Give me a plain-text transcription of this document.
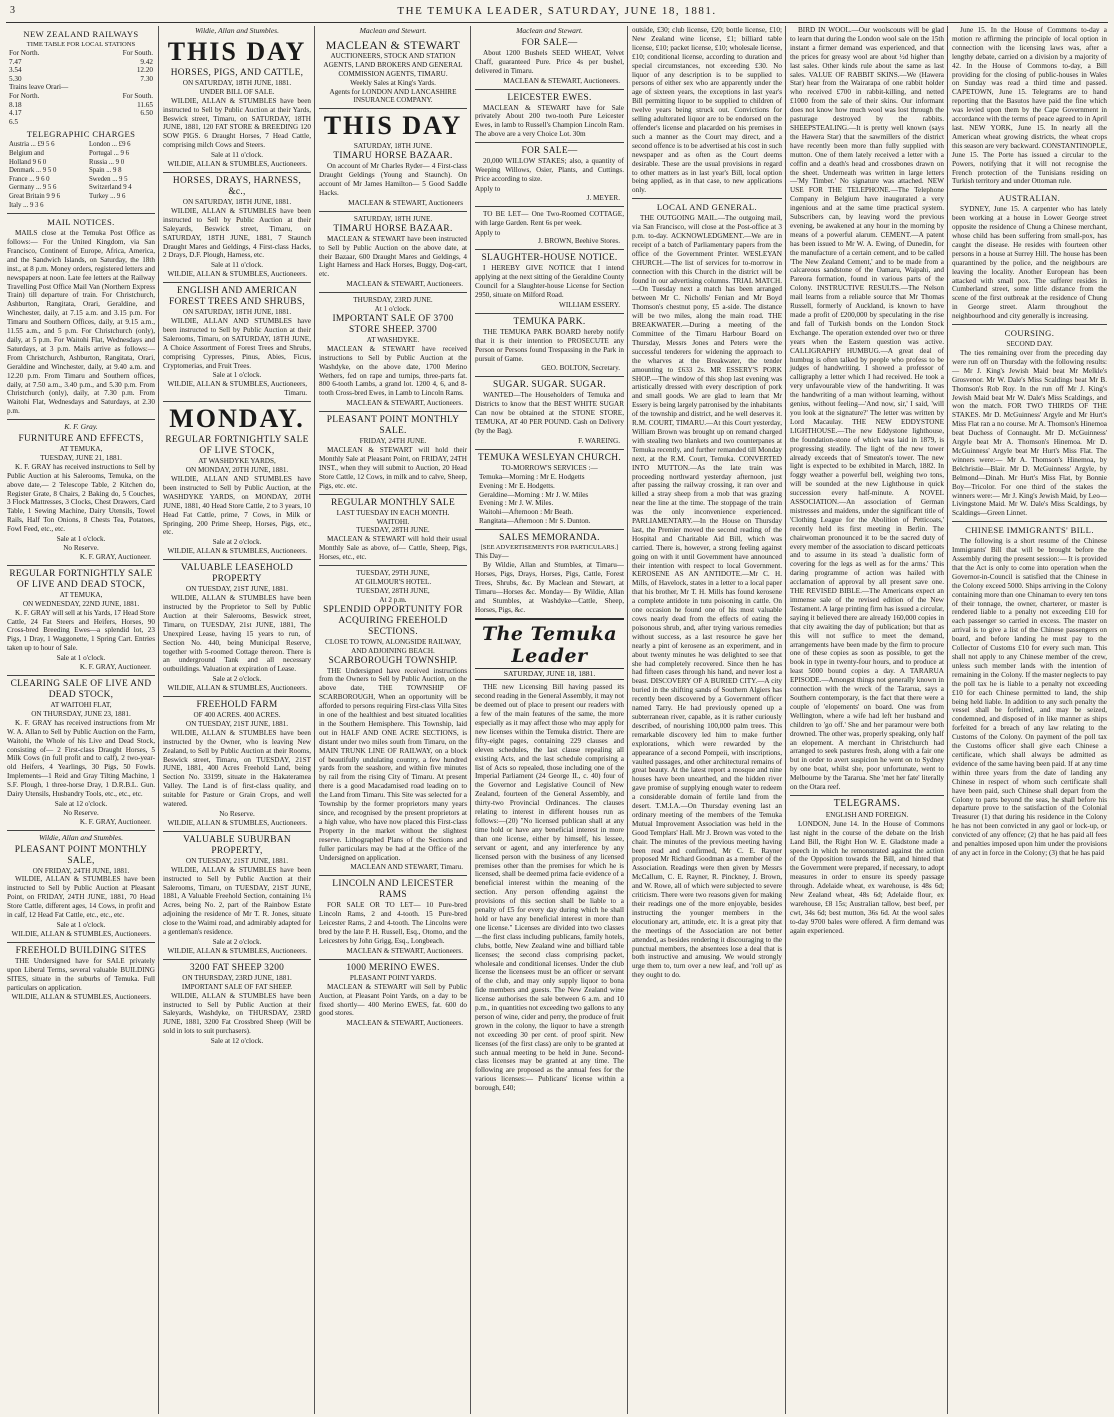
3	THE TEMUKA LEADER, SATURDAY, JUNE 18, 1881.
NEW ZEALAND RAILWAYS
TIME TABLE FOR LOCAL STATIONS
For North.	For South.
7.47	9.42
3.54	12.20
5.30	7.30
Trains leave Orari—	
For North.	For South.
8.18	11.65
4.17	6.50
6.5	
TELEGRAPHIC CHARGES
Austria ... £9 5 6	London ... £9 6
Belgium and	Portugal ... 9 6
Holland 9 6 0	Russia ... 9 0
Denmark ... 9 5 0	Spain ... 9 8
France ... 9 6 0	Sweden ... 9 5
Germany ... 9 5 6	Switzerland 9 4
Great Britain 9 9 6	Turkey ... 9 6
Italy ... 9 3 6	
MAIL NOTICES.

MAILS close at the Temuka Post Office as follows:— For the United Kingdom, via San Francisco, Continent of Europe, Africa, America, and the Sandwich Islands, on Saturday, the 18th inst., at 8 p.m. Money orders, registered letters and newspapers at noon. Late fee letters at the Railway Travelling Post Office Mail Van (Northern Express Train) till departure of train. For Christchurch, Ashburton, Rangitata, Orari, Geraldine, and Winchester, daily, at 7.15 a.m. and 3.15 p.m. For Timaru and Southern Offices, daily, at 9.15 a.m., 11.55 a.m., and 5 p.m. For Christchurch (only), daily, at 5 p.m. For Waitohi Flat, Wednesdays and Saturdays, at 3 p.m. Mails arrive as follows:— From Christchurch, Ashburton, Rangitata, Orari, Geraldine and Winchester, daily, at 9.40 a.m. and 12.20 p.m. From Timaru and Southern offices, daily, at 7.50 a.m., 3.40 p.m., and 5.30 p.m. From Christchurch (only), daily, at 7.30 p.m. From Waitohi Flat, Wednesdays and Saturdays, at 2.30 p.m.

K. F. Gray.
FURNITURE AND EFFECTS,
AT TEMUKA,
TUESDAY, JUNE 21, 1881.

K. F. GRAY has received instructions to Sell by Public Auction at his Salerooms, Temuka, on the above date,— 2 Telescope Table, 2 Kitchen do, Register Grate, 8 Chairs, 2 Baking do, 5 Couches, 3 Flock Mattresses, 3 Clocks, Chest Drawers, Card Table, 1 Sewing Machine, Dairy Utensils, Towel Rails, Half Ton Onions, 8 Chests Tea, Potatoes, Fowl Feed, etc., etc.

Sale at 1 o'clock.
No Reserve.
K. F. GRAY, Auctioneer.
REGULAR FORTNIGHTLY SALE OF LIVE AND DEAD STOCK,
AT TEMUKA,
ON WEDNESDAY, 22ND JUNE, 1881.

K. F. GRAY will sell at his Yards, 17 Head Store Cattle, 24 Fat Steers and Heifers, Horses, 90 Cross-bred Breeding Ewes—a splendid lot, 23 Pigs, 1 Dray, 1 Waggonette, 1 Spring Cart. Entries taken up to hour of Sale.

Sale at 1 o'clock.
K. F. GRAY, Auctioneer.
CLEARING SALE OF LIVE AND DEAD STOCK,
AT WAITOHI FLAT,
ON THURSDAY, JUNE 23, 1881.

K. F. GRAY has received instructions from Mr W. A. Allan to Sell by Public Auction on the Farm, Waitohi, the Whole of his Live and Dead Stock, consisting of— 2 First-class Draught Horses, 5 Milk Cows (in full profit and to calf), 2 two-year-old Heifers, 4 Yearlings, 30 Pigs, 50 Fowls. Implements—1 Reid and Gray Tilting Machine, 1 S.F. Plough, 1 three-horse Dray, 1 D.R.B.L. Gun. Dairy Utensils, Husbandry Tools, etc., etc., etc.

Sale at 12 o'clock.
No Reserve.
K. F. GRAY, Auctioneer.
Wildie, Allan and Stumbles.
PLEASANT POINT MONTHLY SALE,
ON FRIDAY, 24TH JUNE, 1881.

WILDIE, ALLAN & STUMBLES have been instructed to Sell by Public Auction at Pleasant Point, on FRIDAY, 24TH JUNE, 1881, 70 Head Store Cattle, different ages, 14 Cows, in profit and in calf, 12 Head Fat Cattle, etc., etc., etc.

Sale at 1 o'clock.
WILDIE, ALLAN & STUMBLES, Auctioneers.
FREEHOLD BUILDING SITES

THE Undersigned have for SALE privately upon Liberal Terms, several valuable BUILDING SITES, situate in the suburbs of Temuka. Full particulars on application.

WILDIE, ALLAN & STUMBLES, Auctioneers.
Wildie, Allan and Stumbles.
THIS DAY
HORSES, PIGS, AND CATTLE,
ON SATURDAY, 18TH JUNE, 1881.
UNDER BILL OF SALE.

WILDIE, ALLAN & STUMBLES have been instructed to Sell by Public Auction at their Yards, Beswick street, Timaru, on SATURDAY, 18TH JUNE, 1881, 120 FAT STORE & BREEDING 120 SOW PIGS. 6 Draught Horses, 7 Head Cattle, comprising milch Cows and Steers.

Sale at 11 o'clock.
WILDIE, ALLAN & STUMBLES, Auctioneers.
HORSES, DRAYS, HARNESS, &c.,
ON SATURDAY, 18TH JUNE, 1881.

WILDIE, ALLAN & STUMBLES have been instructed to Sell by Public Auction at their Saleyards, Beswick street, Timaru, on SATURDAY, 18TH JUNE, 1881, 7 Staunch Draught Mares and Geldings, 4 First-class Hacks, 2 Drays, D.F. Plough, Harness, etc.

Sale at 11 o'clock.
WILDIE, ALLAN & STUMBLES, Auctioneers.
ENGLISH AND AMERICAN FOREST TREES AND SHRUBS,
ON SATURDAY, 18TH JUNE, 1881.

WILDIE, ALLAN AND STUMBLES have been instructed to Sell by Public Auction at their Salerooms, Timaru, on SATURDAY, 18TH JUNE, A Choice Assortment of Forest Trees and Shrubs, comprising Cypresses, Pinus, Abies, Ficus, Cryptomerias, and Fruit Trees.

Sale at 1 o'clock.
WILDIE, ALLAN & STUMBLES, Auctioneers, Timaru.
MONDAY.
REGULAR FORTNIGHTLY SALE OF LIVE STOCK,
AT WASHDYKE YARDS,
ON MONDAY, 20TH JUNE, 1881.

WILDIE, ALLAN AND STUMBLES have been instructed to Sell by Public Auction, at the WASHDYKE YARDS, on MONDAY, 20TH JUNE, 1881, 40 Head Store Cattle, 2 to 3 years, 10 Head Fat Cattle, prime, 7 Cows, in Milk or Springing, 200 Prime Sheep, Horses, Pigs, etc., etc.

Sale at 2 o'clock.
WILDIE, ALLAN & STUMBLES, Auctioneers.
VALUABLE LEASEHOLD PROPERTY
ON TUESDAY, 21ST JUNE, 1881.

WILDIE, ALLAN & STUMBLES have been instructed by the Proprietor to Sell by Public Auction at their Salerooms, Beswick street, Timaru, on TUESDAY, 21st JUNE, 1881, The Unexpired Lease, having 15 years to run, of Section No. 440, being Municipal Reserve, together with 5-roomed Cottage thereon. There is an underground Tank and all necessary outbuildings. Valuation at expiration of Lease.

Sale at 2 o'clock.
WILDIE, ALLAN & STUMBLES, Auctioneers.
FREEHOLD FARM
OF 400 ACRES. 400 ACRES.
ON TUESDAY, 21ST JUNE, 1881.

WILDIE, ALLAN & STUMBLES have been instructed by the Owner, who is leaving New Zealand, to Sell by Public Auction at their Rooms, Beswick street, Timaru, on TUESDAY, 21ST JUNE, 1881, 400 Acres Freehold Land, being Section No. 33199, situate in the Hakateramea Valley. The Land is of first-class quality, and suitable for Pasture or Grain Crops, and well watered.

No Reserve.
WILDIE, ALLAN & STUMBLES, Auctioneers.
VALUABLE SUBURBAN PROPERTY,
ON TUESDAY, 21ST JUNE, 1881.

WILDIE, ALLAN & STUMBLES have been instructed to Sell by Public Auction at their Salerooms, Timaru, on TUESDAY, 21ST JUNE, 1881, A Valuable Freehold Section, containing 1¼ Acres, being No. 2, part of the Rainbow Estate adjoining the residence of Mr T. R. Jones, situate close to the Waimi road, and admirably adapted for a gentleman's residence.

Sale at 2 o'clock.
WILDIE, ALLAN & STUMBLES, Auctioneers.
3200 FAT SHEEP 3200
ON THURSDAY, 23RD JUNE, 1881.
IMPORTANT SALE OF FAT SHEEP.

WILDIE, ALLAN & STUMBLES have been instructed to Sell by Public Auction at their Saleyards, Washdyke, on THURSDAY, 23RD JUNE, 1881, 3200 Fat Crossbred Sheep (Will be sold in lots to suit purchasers).

Sale at 12 o'clock.
Maclean and Stewart.
MACLEAN & STEWART
AUCTIONEERS, STOCK AND STATION AGENTS, LAND BROKERS AND GENERAL COMMISSION AGENTS, TIMARU.
Weekly Sales at King's Yards.
Agents for LONDON AND LANCASHIRE INSURANCE COMPANY.
THIS DAY
SATURDAY, 18TH JUNE.
TIMARU HORSE BAZAAR.

On account of Mr Charles Ryder— 4 First-class Draught Geldings (Young and Staunch). On account of Mr James Hamilton— 5 Good Saddle Hacks.

MACLEAN & STEWART, Auctioneers
SATURDAY, 18TH JUNE.
TIMARU HORSE BAZAAR.

MACLEAN & STEWART have been instructed to Sell by Public Auction on the above date, at their Bazaar, 600 Draught Mares and Geldings, 4 Light Harness and Hack Horses, Buggy, Dog-cart, etc.

MACLEAN & STEWART, Auctioneers.
THURSDAY, 23RD JUNE.
At 1 o'clock.
IMPORTANT SALE OF 3700 STORE SHEEP. 3700
AT WASHDYKE.

MACLEAN & STEWART have received instructions to Sell by Public Auction at the Washdyke, on the above date, 1700 Merino Wethers, fed on rape and turnips, three-parts fat. 800 6-tooth Lambs, a grand lot. 1200 4, 6, and 8-tooth Cross-bred Ewes, in Lamb to Lincoln Rams.

MACLEAN & STEWART, Auctioneers.
PLEASANT POINT MONTHLY SALE.
FRIDAY, 24TH JUNE.

MACLEAN & STEWART will hold their Monthly Sale at Pleasant Point, on FRIDAY, 24TH INST., when they will submit to Auction, 20 Head Store Cattle, 12 Cows, in milk and to calve, Sheep, Pigs, etc. etc.

REGULAR MONTHLY SALE
LAST TUESDAY IN EACH MONTH.
WAITOHI.
TUESDAY, 28TH JUNE.

MACLEAN & STEWART will hold their usual Monthly Sale as above, of— Cattle, Sheep, Pigs, Horses, etc., etc.

TUESDAY, 29TH JUNE,
AT GILMOUR'S HOTEL.
TUESDAY, 28TH JUNE,
At 2 p.m.
SPLENDID OPPORTUNITY FOR ACQUIRING FREEHOLD SECTIONS.
CLOSE TO TOWN, ALONGSIDE RAILWAY, AND ADJOINING BEACH.
SCARBOROUGH TOWNSHIP.

THE Undersigned have received instructions from the Owners to Sell by Public Auction, on the above date, THE TOWNSHIP OF SCARBOROUGH, When an opportunity will be afforded to persons requiring First-class Villa Sites in one of the healthiest and best situated localities in the Southern Hemisphere. This Township, laid out in HALF AND ONE ACRE SECTIONS, is distant under two miles south from Timaru, on the MAIN TRUNK LINE OF RAILWAY, on a block of beautifully undulating country, a few hundred yards from the seashore, and within five minutes by rail from the rising City of Timaru. At present there is a good Macadamised road leading on to the Land from Timaru. This Site was selected for a Township by the former proprietors many years since, and recognised by the present proprietors at a high value, who have now placed this First-class Property in the market without the slightest reserve. Lithographed Plans of the Sections and fuller particulars may be had at the Office of the Undersigned on application.

MACLEAN AND STEWART, Timaru.
LINCOLN AND LEICESTER RAMS

FOR SALE OR TO LET— 10 Pure-bred Lincoln Rams, 2 and 4-tooth. 15 Pure-bred Leicester Rams, 2 and 4-tooth. The Lincolns were bred by the late P. H. Russell, Esq., Otomo, and the Leicesters by John Grigg, Esq., Longbeach.

MACLEAN & STEWART, Auctioneers.
1000 MERINO EWES.
PLEASANT POINT YARDS.

MACLEAN & STEWART will Sell by Public Auction, at Pleasant Point Yards, on a day to be fixed shortly— 400 Merino EWES, fat. 600 do good stores.

MACLEAN & STEWART, Auctioneers.
Maclean and Stewart.
FOR SALE—

About 1200 Bushels SEED WHEAT, Velvet Chaff, guaranteed Pure. Price 4s per bushel, delivered in Timaru.

MACLEAN & STEWART, Auctioneers.
LEICESTER EWES.

MACLEAN & STEWART have for Sale privately About 200 two-tooth Pure Leicester Ewes, in lamb to Russell's Champion Lincoln Ram. The above are a very Choice Lot. 30m

FOR SALE—

20,000 WILLOW STAKES; also, a quantity of Weeping Willows, Osier, Plants, and Cuttings. Price according to size.

Apply to
J. MEYER.

TO BE LET— One Two-Roomed COTTAGE, with large Garden. Rent 6s per week.

Apply to
J. BROWN, Beehive Stores.
SLAUGHTER-HOUSE NOTICE.

I HEREBY GIVE NOTICE that I intend applying at the next sitting of the Geraldine County Council for a Slaughter-house License for Section 2950, situate on Milford Road.

WILLIAM ESSERY.
TEMUKA PARK.

THE TEMUKA PARK BOARD hereby notify that it is their intention to PROSECUTE any Person or Persons found Trespassing in the Park in pursuit of Game.

GEO. BOLTON, Secretary.
SUGAR. SUGAR. SUGAR.

WANTED—The Householders of Temuka and Districts to know that the BEST WHITE SUGAR Can now be obtained at the STONE STORE, TEMUKA, AT 40 PER POUND. Cash on Delivery (by the Bag).

F. WAREING.
TEMUKA WESLEYAN CHURCH.
TO-MORROW'S SERVICES :—
Temuka—Morning : Mr E. Hodgetts
Evening : Mr E. Hodgetts.
Geraldine—Morning : Mr J. W. Miles
Evening : Mr J. W. Miles.
Waitohi—Afternoon : Mr Beath.
Rangitata—Afternoon : Mr S. Dunton.
SALES MEMORANDA.
[SEE ADVERTISEMENTS FOR PARTICULARS.]
This Day—

By Wildie, Allan and Stumbles, at Timaru—Horses, Pigs, Drays, Horses, Pigs, Cattle, Forest Trees, Shrubs, &c. By Maclean and Stewart, at Timaru—Horses &c. Monday— By Wildie, Allan and Stumbles, at Washdyke—Cattle, Sheep, Horses, Pigs, &c.

The Temuka Leader
SATURDAY, JUNE 18, 1881.

THE new Licensing Bill having passed its second reading in the General Assembly, it may not be deemed out of place to present our readers with a few of the main features of the same, the more especially as it may affect those who may apply for new licenses within the Temuka district. There are fifty-eight pages, containing 229 clauses and eleven schedules, the last clause repealing all existing Acts, and the last schedule comprising a list of Acts so repealed, those including one of the Imperial Parliament (24 George II., c. 40) four of the Governor and Legislative Council of New Zealand, fourteen of the General Assembly, and thirty-two Provincial Ordinances. The clauses relating to interest in different houses run as follows:—(20) "No licensed publican shall at any time hold or have any beneficial interest in more than one license, either by himself, his lessee, servant or agent, and any interference by any licensed person with the business of any licensed premises other than the premises for which he is licensed, shall be deemed prima facie evidence of a beneficial interest within the meaning of the section. Any person offending against the provisions of this section shall be liable to a penalty of £5 for every day during which he shall hold or have any beneficial interest in more than one license." Licenses are divided into two classes—the first class including publicans, family hotels, clubs, bottle, New Zealand wine and billiard table licenses; the second class comprising packet, wholesale and conditional licenses. Under the club license the licensees must be an officer or servant of the club, and may only supply liquor to bona fide members and guests. The New Zealand wine license authorises the sale between 6 a.m. and 10 p.m., in quantities not exceeding two gallons to any person of wine, cider and perry, the produce of fruit grown in the colony, the liquor to have a strength not exceeding 30 per cent. of proof spirit. New licenses (of the first class) are only to be granted at such annual meeting to be held in June. Second-class licenses may be granted at any time. The following are proposed as the annual fees for the various licenses:— Publicans' license within a borough, £40;

outside, £30; club license, £20; bottle license, £10; New Zealand wine license, £1; billiard table license, £10; packet license, £10; wholesale license, £10; conditional license, according to duration and special circumstances, not exceeding £30. No liquor of any description is to be supplied to persons of either sex who are apparently under the age of sixteen years, the exceptions in last year's Bill permitting liquor to be supplied to children of twelve years being struck out. Convictions for selling adulterated liquor are to be endorsed on the offender's license and placarded on his premises in such a manner as the Court may direct, and a second offence is to be advertised at his cost in such newspaper and as often as the Court deems desirable. These are the usual provisions in regard to other matters as in last year's Bill, local option being applied, as in that case, to new applications only.

LOCAL AND GENERAL.

THE OUTGOING MAIL.—The outgoing mail, via San Francisco, will close at the Post-office at 3 p.m. to-day. ACKNOWLEDGMENT.—We are in receipt of a batch of Parliamentary papers from the office of the Government Printer. WESLEYAN CHURCH.—The list of services for to-morrow in connection with this Church in the district will be found in our advertising columns. TRIAL MATCH.—On Tuesday next a match has been arranged between Mr C. Nicholls' Fenian and Mr Boyd Thomson's chestnut pony, £5 a-side. The distance will be two miles, along the main road. THE BREAKWATER.—During a meeting of the Committee of the Timaru Harbour Board on Thursday, Messrs Jones and Peters were the successful tenderers for widening the approach to the wharves at the Breakwater, the tender amounting to £633 2s. MR ESSERY'S PORK SHOP.—The window of this shop last evening was artistically dressed with every description of pork and small goods. We are glad to learn that Mr Essery is being largely patronised by the inhabitants of the township and district, and he well deserves it. R.M. COURT, TIMARU.—At this Court yesterday, William Brown was brought up on remand charged with stealing two blankets and two counterpanes at Temuka recently, and further remanded till Monday next, at the R.M. Court, Temuka. CONVERTED INTO MUTTON.—As the late train was proceeding northward yesterday afternoon, just after passing the railway crossing, it ran over and killed a stray sheep from a mob that was grazing near the line at the time. The stoppage of the train was the only inconvenience experienced. PARLIAMENTARY.—In the House on Thursday last, the Premier moved the second reading of the Hospital and Charitable Aid Bill, which was carried. There is, however, a strong feeling against going on with it until Government have announced their intention with respect to local Government. KEROSENE AS AN ANTIDOTE.—Mr C. H. Mills, of Havelock, states in a letter to a local paper that his brother, Mr T. H. Mills has found kerosene a complete antidote in tutu poisoning in cattle. On one occasion he found one of his most valuable cows nearly dead from the effects of eating the poisonous shrub, and, after trying various remedies without success, as a last resource he gave her nearly a pint of kerosene as an experiment, and in about twenty minutes he was delighted to see that she had completely recovered. Since then he has had fifteen cases through his hand, and never lost a beast. DISCOVERY OF A BURIED CITY.—A city buried in the shifting sands of Southern Algiers has recently been discovered by a Government officer named Tarry. He had previously opened up a subterranean river, capable, as it is rather curiously described, of nourishing 100,000 palm trees. This remarkable discovery led him to make further explorations, which were rewarded by the appearance of a second Pompeii, with inscriptions, vaulted passages, and other architectural remains of great beauty. At the latest report a mosque and nine houses have been unearthed, and the hidden river gave promise of supplying enough water to redeem a considerable domain of fertile land from the desert. T.M.I.A.—On Thursday evening last an ordinary meeting of the members of the Temuka Mutual Improvement Association was held in the Good Templars' Hall. Mr J. Brown was voted to the chair. The minutes of the previous meeting having been read and confirmed, Mr C. E. Rayner proposed Mr Richard Goodman as a member of the Association. Readings were then given by Messrs McCallum, C. E. Rayner, R. Pinckney, J. Brown, and W. Rowe, all of which were subjected to severe criticism. There were two reasons given for making their readings one of the more enjoyable, besides instructing the younger members in the elocutionary art, attitude, etc. It is a great pity that the meetings of the Association are not better attended, as besides rendering it discouraging to the punctual members, the absentees lose a deal that is both instructive and amusing. We would strongly urge them to, turn over a new leaf, and 'roll up' as they ought to do.

BIRD IN WOOL.—Our woolscouts will be glad to learn that during the London wool sale on the 15th instant a firmer demand was experienced, and that the prices for greasy wool are about ½d higher than last sales. Other kinds rule about the same as last sales. VALUE OF RABBIT SKINS.—We (Hawera Star) hear from the Wairarapa of one rabbit holder who received £700 in rabbit-killing, and netted £1000 from the sale of their skins. Our informant does not know how much wool was lost through the pasturage destroyed by the rabbits. SHEEPSTEALING.—It is pretty well known (says the Hawera Star) that the sawmillers of the district have recently been more than fully supplied with mutton. One of them lately received a letter with a coffin and a death's head and crossbones drawn on the sheet. Underneath was written in large letters—'My Timber.' No signature was attached. NEW USE FOR THE TELEPHONE.—The Telephone Company in Belgium have inaugurated a very ingenious and at the same time practical system. Subscribers can, by leaving word the previous evening, be awakened at any hour in the morning by means of a powerful alarum. CEMENT.—A patent has been issued to Mr W. A. Ewing, of Dunedin, for the manufacture of a certain cement, and to be called 'The New Zealand Cement,' and to be made from a calcareous sandstone of the Oamaru, Waipahi, and Pareora formation, found in various parts of the Colony. INSTRUCTIVE RESULTS.—The Nelson mail learns from a reliable source that Mr Thomas Russell, formerly of Auckland, is known to have made a profit of £200,000 by speculating in the rise and fall of Turkish bonds on the London Stock Exchange. The operation extended over two or three years when the Eastern question was active. CALLIGRAPHY HUMBUG.—A great deal of humbug is often talked by people who profess to be judges of handwriting. I showed a professor of calligraphy a letter which I had received. He took a very unfavourable view of the handwriting. It was the handwriting of a man without learning, without genius, without feeling—'And now, sir,' I said, 'will you look at the signature?' The letter was written by Lord Macaulay. THE NEW EDDYSTONE LIGHTHOUSE.—The new Eddystone lighthouse, the foundation-stone of which was laid in 1879, is progressing steadily. The light of the new tower already exceeds that of Smeaton's tower. The new light is expected to be exhibited in March, 1882. In foggy weather a powerful bell, weighing two tons, will be sounded at the new Lighthouse in quick succession every half-minute. A NOVEL ASSOCIATION.—An association of German mistresses and maidens, under the significant title of 'Clothing League for the Abolition of Petticoats,' recently held its first meeting in Berlin. The chairwoman pronounced it to be the sacred duty of every member of the association to discard petticoats and to assume in its stead 'a dualistic form of covering for the legs as well as for the arms.' This daring programme of action was hailed with acclamation of approval by all present save one. THE REVISED BIBLE.—The Americans expect an immense sale of the revised edition of the New Testament. A large printing firm has issued a circular, saying it believed there are already 160,000 copies in that city awaiting the day of publication; but that as this will not suffice to meet the demand, arrangements have been made by the firm to procure one of these copies as soon as possible, to get the book in type in twenty-four hours, and to produce at least 5000 bound copies a day. A TARARUA EPISODE.—Amongst things not generally known in connection with the wreck of the Tararua, says a Southern contemporary, is the fact that there were a couple of 'elopements' on board. One was from Wellington, where a wife had left her husband and children to 'go off.' She and her paramour were both drowned. The other was, properly speaking, only half an elopement. A merchant in Christchurch had arranged to seek pastures fresh, along with a fair one but in order to avert suspicion he went on to Sydney by one boat, whilst she, poor unfortunate, went to Melbourne by the Tararua. She 'met her fate' literally on the Otara reef.

TELEGRAMS.
ENGLISH AND FOREIGN.

LONDON, June 14. In the House of Commons last night in the course of the debate on the Irish Land Bill, the Right Hon W. E. Gladstone made a speech in which he remonstrated against the action of the Opposition towards the Bill, and hinted that the Government were prepared, if necessary, to adopt measures in order to ensure its speedy passage through. Adelaide wheat, ex warehouse, is 48s 6d; New Zealand wheat, 48s 6d; Adelaide flour, ex warehouse, £8 15s; Australian tallow, best beef, per cwt, 34s 6d; best mutton, 36s 6d. At the wool sales to-day 9700 bales were offered. A firm demand was again experienced.

June 15. In the House of Commons to-day a motion re affirming the principle of local option in connection with the licensing laws was, after a lengthy debate, carried on a division by a majority of 42. In the House of Commons to-day, a Bill providing for the closing of public-houses in Wales on Sunday was read a third time and passed. CAPETOWN, June 15. Telegrams are to hand reporting that the Basutos have paid the fine which was levied upon them by the Cape Government in accordance with the terms of peace agreed to in April last. NEW YORK, June 15. In nearly all the American wheat growing districts, the wheat crops this season are very backward. CONSTANTINOPLE, June 15. The Porte has issued a circular to the Powers, notifying that it will not recognise the French protection of the Tunisians residing on Turkish territory and under Ottoman rule.

AUSTRALIAN.

SYDNEY, June 15. A carpenter who has lately been working at a house in Lower George street opposite the residence of Chung a Chinese merchant, whose child has been suffering from small-pox, has caught the disease. He resides with fourteen other persons in a house at Surrey Hill. The house has been quarantined by the police, and the neighbours are leaving the locality. Another European has been attacked with small pox. The sufferer resides in Cumberland street, some little distance from the scene of the first outbreak at the residence of Chung in George street. Alarm throughout the neighbourhood and city generally is increasing.

COURSING.
SECOND DAY.

The ties remaining over from the preceding day were run off on Thursday with the following results:— Mr J. King's Jewish Maid beat Mr Melkle's Grosvenor. Mr W. Dale's Miss Scaldings beat Mr B. Thomson's Rob Roy. In the run off Mr J. King's Jewish Maid beat Mr W. Dale's Miss Scaldings, and won the match. FOR TWO THIRDS OF THE STAKES. Mr D. McGuinness' Argyle and Mr Hurt's Miss Flat ran a no course. Mr A. Thomson's Hinemoa beat Duchess of Connaught. Mr D. McGuinness' Argyle beat Mr A. Thomson's Hinemoa. Mr D. McGuinness' Argyle beat Mr Hurt's Miss Flat. The winners were:— Mr A. Thomson's Hinemoa, by Belchristie—Blair. Mr D. McGuinness' Argyle, by Belmond—Dinah. Mr Hurt's Miss Flat, by Bonnie Boy—Tricolor. For one third of the stakes the winners were:— Mr J. King's Jewish Maid, by Leo—Livingstone Maid. Mr W. Dale's Miss Scaldings, by Scaldings—Green Linnet.

CHINESE IMMIGRANTS' BILL.

The following is a short resume of the Chinese Immigrants' Bill that will be brought before the Assembly during the present session:— It is provided that the Act is only to come into operation when the Governor-in-Council is satisfied that the Chinese in the Colony exceed 5000. Ships arriving in the Colony containing more than one Chinaman to every ten tons of their tonnage, the owner, charterer, or master is rendered liable to a penalty not exceeding £10 for each passenger so carried in excess. The master on arrival is to give a list of the Chinese passengers on board, and before landing he must pay to the Collector of Customs £10 for every such man. This shall not apply to any Chinese member of the crew, unless such member lands with the intention of remaining in the Colony. If the master neglects to pay the poll tax he is liable to a penalty not exceeding £10 for each Chinese permitted to land, the ship being held liable. In addition to any such penalty the vessel shall be forfeited, and may be seized, condemned, and disposed of in like manner as ships forfeited for a breach of any law relating to the Customs of the Colony. On payment of the poll tax the Customs officer shall give each Chinese a certificate, which shall always be admitted as evidence of the same having been paid. If at any time within three years from the date of landing any Chinese in respect of whom such certificate shall have been paid, such Chinese shall depart from the Colony to parts beyond the seas, he shall before his departure prove to the satisfaction of the Colonial Treasurer (1) that during his residence in the Colony he has not been convicted in any gaol or lock-up, or convicted of any offence; (2) that he has paid all fees and penalties imposed upon him under the provisions of any act in force in the Colony; (3) that he has paid
